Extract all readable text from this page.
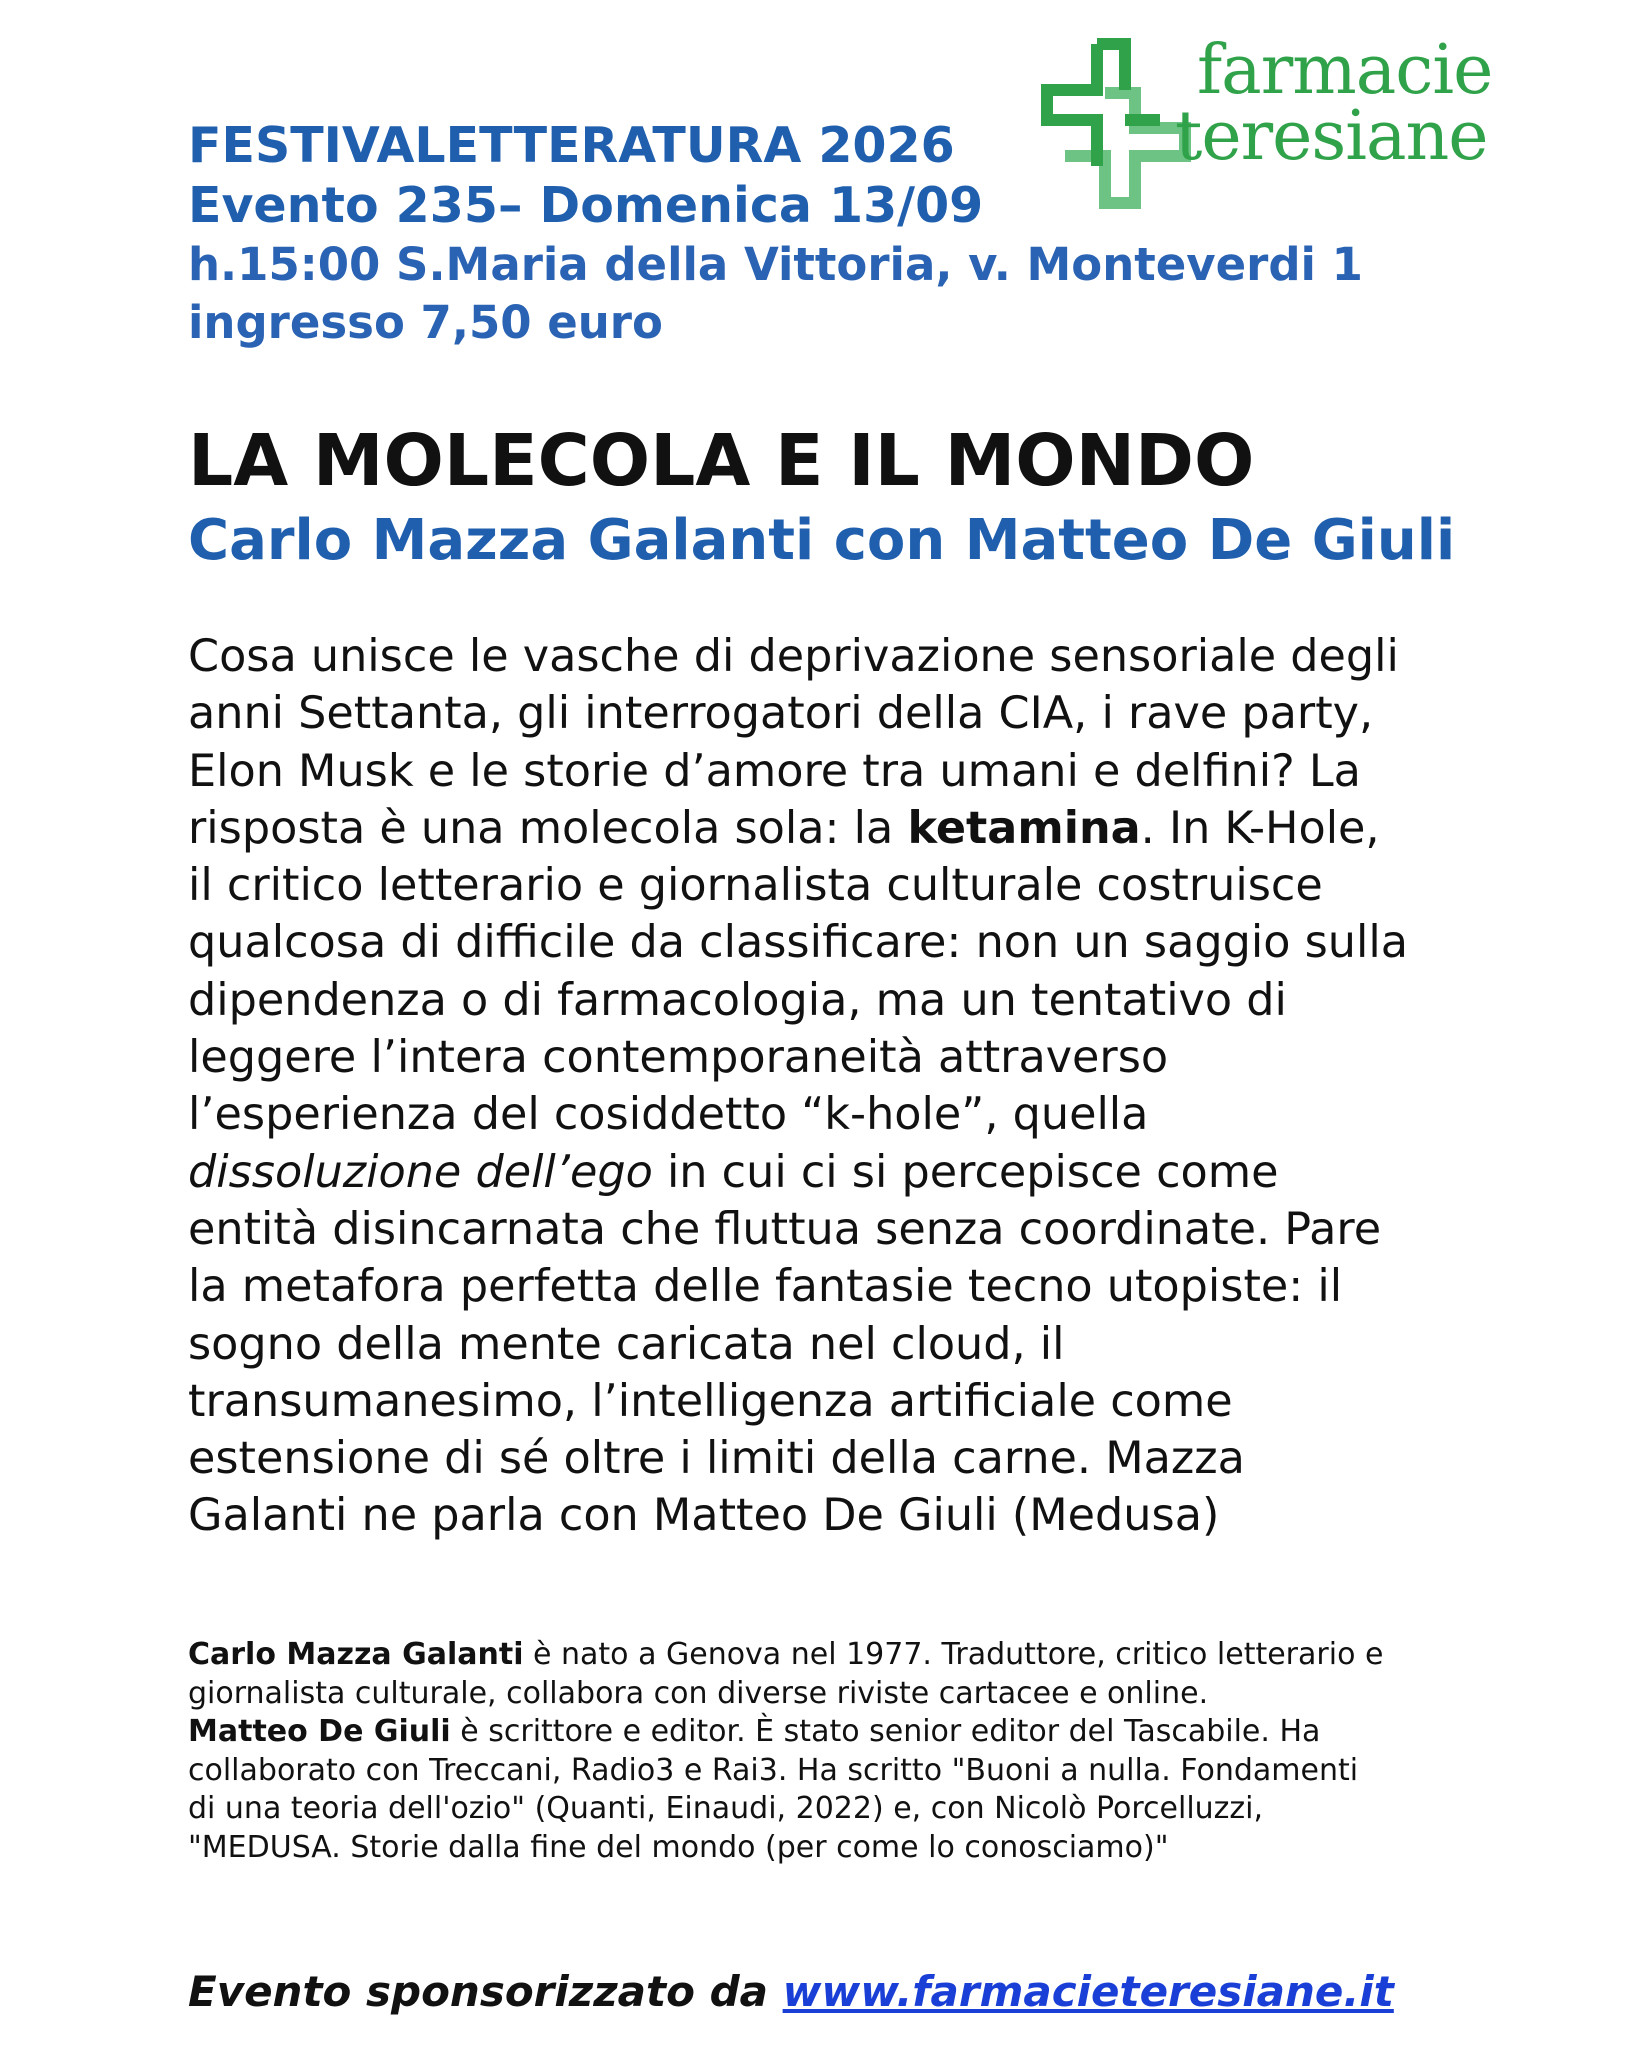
farmacie
teresiane
FESTIVALETTERATURA 2026
Evento 235– Domenica 13/09
h.15:00 S.Maria della Vittoria, v. Monteverdi 1
ingresso 7,50 euro
LA MOLECOLA E IL MONDO
Carlo Mazza Galanti con Matteo De Giuli
Cosa unisce le vasche di deprivazione sensoriale degli
anni Settanta, gli interrogatori della CIA, i rave party,
Elon Musk e le storie d’amore tra umani e delfini? La
risposta è una molecola sola: la ketamina. In K-Hole,
il critico letterario e giornalista culturale costruisce
qualcosa di difficile da classificare: non un saggio sulla
dipendenza o di farmacologia, ma un tentativo di
leggere l’intera contemporaneità attraverso
l’esperienza del cosiddetto “k-hole”, quella
dissoluzione dell’ego in cui ci si percepisce come
entità disincarnata che fluttua senza coordinate. Pare
la metafora perfetta delle fantasie tecno utopiste: il
sogno della mente caricata nel cloud, il
transumanesimo, l’intelligenza artificiale come
estensione di sé oltre i limiti della carne. Mazza
Galanti ne parla con Matteo De Giuli (Medusa)
Carlo Mazza Galanti è nato a Genova nel 1977. Traduttore, critico letterario e
giornalista culturale, collabora con diverse riviste cartacee e online.
Matteo De Giuli è scrittore e editor. È stato senior editor del Tascabile. Ha
collaborato con Treccani, Radio3 e Rai3. Ha scritto "Buoni a nulla. Fondamenti
di una teoria dell'ozio" (Quanti, Einaudi, 2022) e, con Nicolò Porcelluzzi,
"MEDUSA. Storie dalla fine del mondo (per come lo conosciamo)"
Evento sponsorizzato da www.farmacieteresiane.it
